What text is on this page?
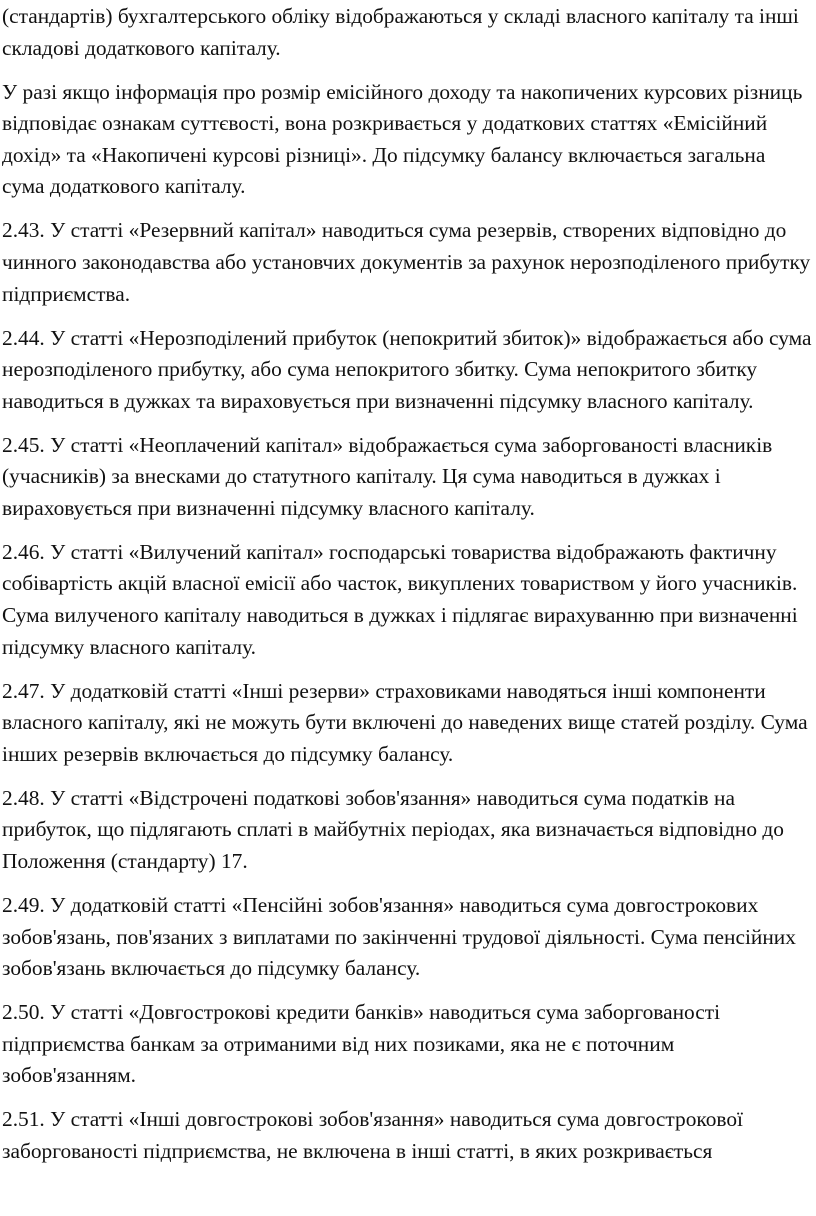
(стандартів) бухгалтерського обліку відображаються у складі власного капіталу та інші складові додаткового капіталу.

У разі якщо інформація про розмір емісійного доходу та накопичених курсових різниць відповідає ознакам суттєвості, вона розкривається у додаткових статтях «Емісійний дохід» та «Накопичені курсові різниці». До підсумку балансу включається загальна сума додаткового капіталу.

2.43. У статті «Резервний капітал» наводиться сума резервів, створених відповідно до чинного законодавства або установчих документів за рахунок нерозподіленого прибутку підприємства.

2.44. У статті «Нерозподілений прибуток (непокритий збиток)» відображається або сума нерозподіленого прибутку, або сума непокритого збитку. Сума непокритого збитку наводиться в дужках та вираховується при визначенні підсумку власного капіталу.

2.45. У статті «Неоплачений капітал» відображається сума заборгованості власників (учасників) за внесками до статутного капіталу. Ця сума наводиться в дужках і вираховується при визначенні підсумку власного капіталу.

2.46. У статті «Вилучений капітал» господарські товариства відображають фактичну собівартість акцій власної емісії або часток, викуплених товариством у його учасників. Сума вилученого капіталу наводиться в дужках і підлягає вирахуванню при визначенні підсумку власного капіталу.

2.47. У додатковій статті «Інші резерви» страховиками наводяться інші компоненти власного капіталу, які не можуть бути включені до наведених вище статей розділу. Сума інших резервів включається до підсумку балансу.

2.48. У статті «Відстрочені податкові зобов'язання» наводиться сума податків на прибуток, що підлягають сплаті в майбутніх періодах, яка визначається відповідно до Положення (стандарту) 17.

2.49. У додатковій статті «Пенсійні зобов'язання» наводиться сума довгострокових зобов'язань, пов'язаних з виплатами по закінченні трудової діяльності. Сума пенсійних зобов'язань включається до підсумку балансу.

2.50. У статті «Довгострокові кредити банків» наводиться сума заборгованості підприємства банкам за отриманими від них позиками, яка не є поточним зобов'язанням.

2.51. У статті «Інші довгострокові зобов'язання» наводиться сума довгострокової заборгованості підприємства, не включена в інші статті, в яких розкривається
